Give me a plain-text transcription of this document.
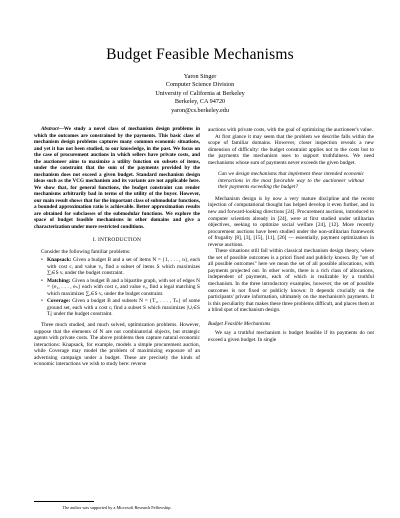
Budget Feasible Mechanisms
Yaron Singer
Computer Science Division
University of California at Berkeley
Berkeley, CA 94720
yaron@cs.berkeley.edu

Abstract—We study a novel class of mechanism design problems in which the outcomes are constrained by the payments. This basic class of mechanism design problems captures many common economic situations, and yet it has not been studied, to our knowledge, in the past. We focus on the case of procurement auctions in which sellers have private costs, and the auctioneer aims to maximize a utility function on subsets of items, under the constraint that the sum of the payments provided by the mechanism does not exceed a given budget. Standard mechanism design ideas such as the VCG mechanism and its variants are not applicable here. We show that, for general functions, the budget constraint can render mechanisms arbitrarily bad in terms of the utility of the buyer. However, our main result shows that for the important class of submodular functions, a bounded approximation ratio is achievable. Better approximation results are obtained for subclasses of the submodular functions. We explore the space of budget feasible mechanisms in other domains and give a characterization under more restricted conditions.

I. INTRODUCTION

Consider the following familiar problems:

• Knapsack: Given a budget B and a set of items N = {1, . . . , n}, each with cost cᵢ and value vᵢ, find a subset of items S which maximizes ∑ᵢ∈S vᵢ under the budget constraint.
• Matching: Given a budget B and a bipartite graph, with set of edges N = {e₁, . . . , eₙ} each with cost cₑ and value vₑ, find a legal matching S which maximizes ∑ₑ∈S vₑ under the budget constraint.
• Coverage: Given a budget B and subsets N = {T₁, . . . , Tₙ} of some ground set, each with a cost cᵢ find a subset S which maximizes |∪ᵢ∈S Tᵢ| under the budget constraint.

Three much studied, and much solved, optimization problems. However, suppose that the elements of N are not combinatorial objects, but strategic agents with private costs. The above problems then capture natural economic interactions: Knapsack, for example, models a simple procurement auction, while Coverage may model the problem of maximizing exposure of an advertising campaign under a budget. These are precisely the kinds of economic interactions we wish to study here: reverse

The author was supported by a Microsoft Research Fellowship.

auctions with private costs, with the goal of optimizing the auctioneer's value.

At first glance it may seem that the problem we describe falls within the scope of familiar domains. However, closer inspection reveals a new dimension of difficulty: the budget constraint applies not to the costs but to the payments the mechanism uses to support truthfulness. We need mechanisms whose sum of payments never exceeds the given budget.

Can we design mechanisms that implement these intended economic interactions in the most favorable way to the auctioneer without their payments exceeding the budget?

Mechanism design is by now a very mature discipline and the recent injection of computational thought has helped develop it even further, and in new and forward-looking directions [24]. Procurement auctions, introduced to computer scientists already in [24], were at first studied under utilitarian objectives, seeking to optimize social welfare [24], [12]. More recently procurement auctions have been studied under the non-utilitarian framework of frugality [8], [3], [15], [11], [26] — essentially, payment optimization in reverse auctions.

These situations still fall within classical mechanism design theory, where the set of possible outcomes is a priori fixed and publicly known. By "set of all possible outcomes" here we mean the set of all possible allocations, with payments projected out. In other words, there is a rich class of allocations, independent of payments, each of which is realizable by a truthful mechanism. In the three introductory examples, however, the set of possible outcomes is not fixed or publicly known: It depends crucially on the participants' private information, ultimately on the mechanism's payments. It is this peculiarity that makes these three problems difficult, and places them at a blind spot of mechanism design.

Budget Feasible Mechanisms

We say a truthful mechanism is budget feasible if its payments do not exceed a given budget. In single
